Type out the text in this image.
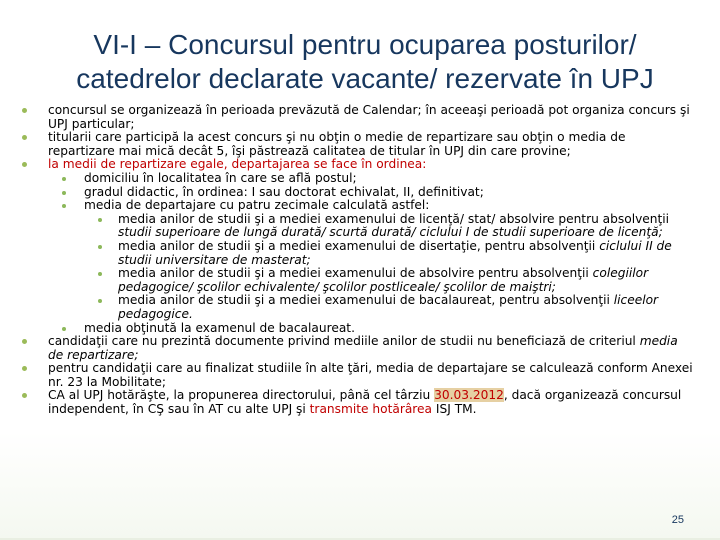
VI-I – Concursul pentru ocuparea posturilor/
catedrelor declarate vacante/ rezervate în UPJ

concursul se organizează în perioada prevăzută de Calendar; în aceeaşi perioadă pot organiza concurs şi UPJ particular;

titularii care participă la acest concurs şi nu obţin o medie de repartizare sau obţin o media de repartizare mai mică decât 5, îşi păstrează calitatea de titular în UPJ din care provine;

la medii de repartizare egale, departajarea se face în ordinea:

domiciliu în localitatea în care se află postul;

gradul didactic, în ordinea: I sau doctorat echivalat, II, definitivat;

media de departajare cu patru zecimale calculată astfel:

media anilor de studii şi a mediei examenului de licenţă/ stat/ absolvire pentru absolvenţii studii superioare de lungă durată/ scurtă durată/ ciclului I de studii superioare de licenţă;

media anilor de studii şi a mediei examenului de disertaţie, pentru absolvenţii ciclului II de studii universitare de masterat;

media anilor de studii şi a mediei examenului de absolvire pentru absolvenţii colegiilor pedagogice/ şcolilor echivalente/ şcolilor postliceale/ şcolilor de maiştri;

media anilor de studii şi a mediei examenului de bacalaureat, pentru absolvenţii liceelor pedagogice.

media obţinută la examenul de bacalaureat.

candidaţii care nu prezintă documente privind mediile anilor de studii nu beneficiază de criteriul media de repartizare;

pentru candidaţii care au finalizat studiile în alte ţări, media de departajare se calculează conform Anexei nr. 23 la Mobilitate;

CA al UPJ hotărăşte, la propunerea directorului, până cel târziu 30.03.2012, dacă organizează concursul independent, în CŞ sau în AT cu alte UPJ şi transmite hotărârea ISJ TM.

25
